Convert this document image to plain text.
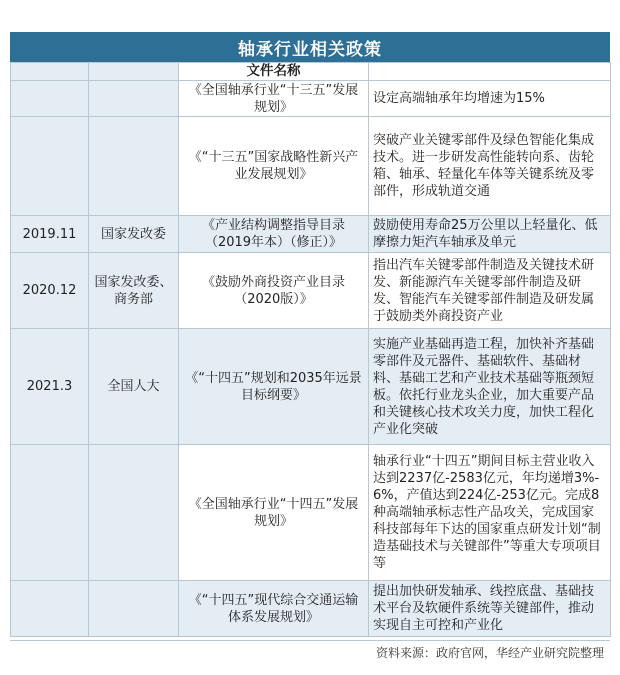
轴承行业相关政策
		文件名称	
		《全国轴承行业“十三五”发展规划》	设定高端轴承年均增速为15%
		《“十三五”国家战略性新兴产业发展规划》	突破产业关键零部件及绿色智能化集成技术。进一步研发高性能转向系、齿轮箱、轴承、轻量化车体等关键系统及零部件，形成轨道交通
2019.11	国家发改委	《产业结构调整指导目录（2019年本）（修正）》	鼓励使用寿命25万公里以上轻量化、低摩擦力矩汽车轴承及单元
2020.12	国家发改委、商务部	《鼓励外商投资产业目录（2020版）》	指出汽车关键零部件制造及关键技术研发、新能源汽车关键零部件制造及研发、智能汽车关键零部件制造及研发属于鼓励类外商投资产业
2021.3	全国人大	《“十四五”规划和2035年远景目标纲要》	实施产业基础再造工程，加快补齐基础零部件及元器件、基础软件、基础材料、基础工艺和产业技术基础等瓶颈短板。依托行业龙头企业，加大重要产品和关键核心技术攻关力度，加快工程化产业化突破
		《全国轴承行业“十四五”发展规划》	轴承行业“十四五”期间目标主营业收入达到2237亿-2583亿元，年均递增3%-6%，产值达到224亿-253亿元。完成8种高端轴承标志性产品攻关，完成国家科技部每年下达的国家重点研发计划“制造基础技术与关键部件”等重大专项项目等
		《“十四五”现代综合交通运输体系发展规划》	提出加快研发轴承、线控底盘、基础技术平台及软硬件系统等关键部件，推动实现自主可控和产业化
资料来源：政府官网，华经产业研究院整理
